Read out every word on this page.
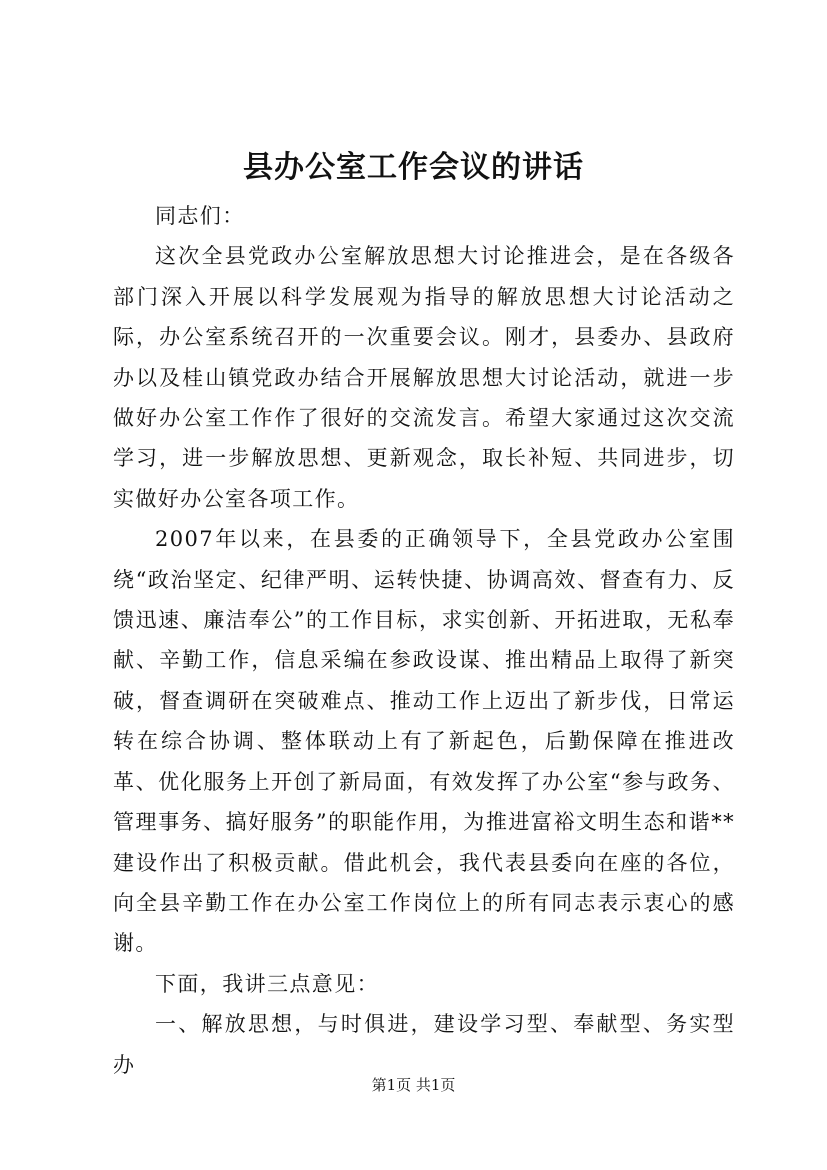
县办公室工作会议的讲话

同志们：

这次全县党政办公室解放思想大讨论推进会，是在各级各部门深入开展以科学发展观为指导的解放思想大讨论活动之际，办公室系统召开的一次重要会议。刚才，县委办、县政府办以及桂山镇党政办结合开展解放思想大讨论活动，就进一步做好办公室工作作了很好的交流发言。希望大家通过这次交流学习，进一步解放思想、更新观念，取长补短、共同进步，切实做好办公室各项工作。

2007年以来，在县委的正确领导下，全县党政办公室围绕“政治坚定、纪律严明、运转快捷、协调高效、督查有力、反馈迅速、廉洁奉公”的工作目标，求实创新、开拓进取，无私奉献、辛勤工作，信息采编在参政设谋、推出精品上取得了新突破，督查调研在突破难点、推动工作上迈出了新步伐，日常运转在综合协调、整体联动上有了新起色，后勤保障在推进改革、优化服务上开创了新局面，有效发挥了办公室“参与政务、管理事务、搞好服务”的职能作用，为推进富裕文明生态和谐**建设作出了积极贡献。借此机会，我代表县委向在座的各位，向全县辛勤工作在办公室工作岗位上的所有同志表示衷心的感谢。

下面，我讲三点意见：

一、解放思想，与时俱进，建设学习型、奉献型、务实型办

第1页 共1页
